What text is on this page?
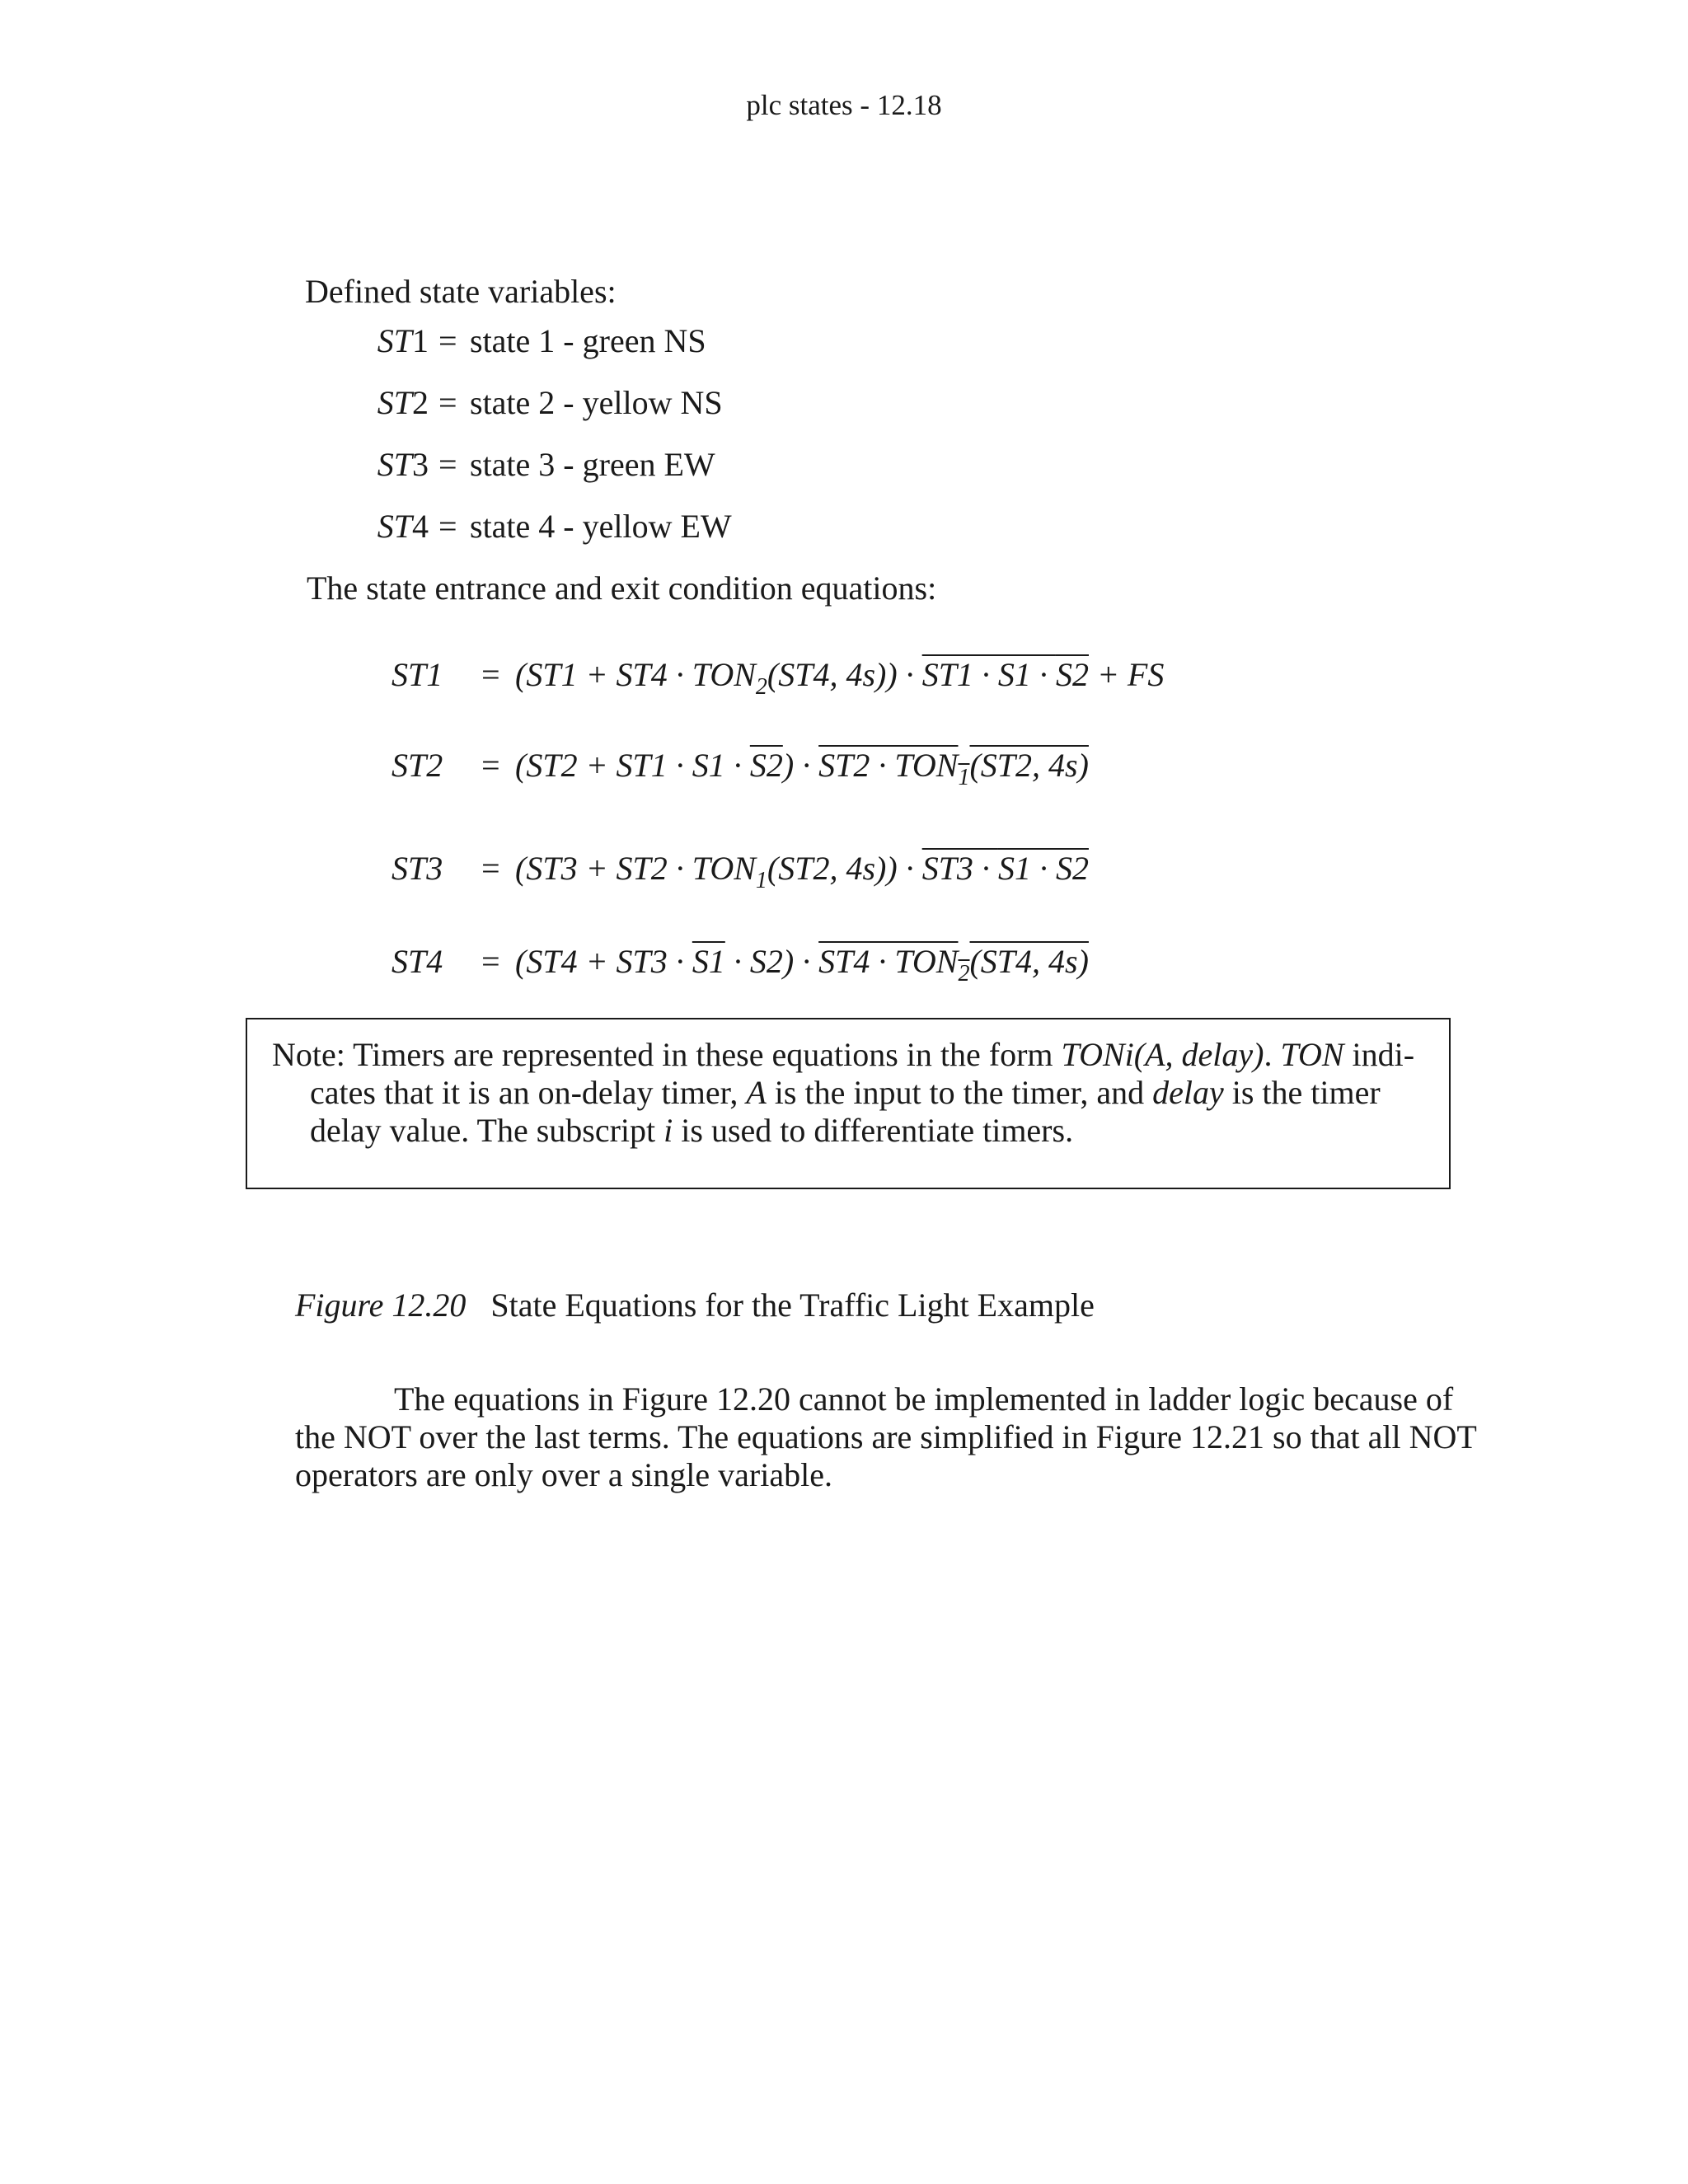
plc states - 12.18
Defined state variables:
ST1 = state 1 - green NS
ST2 = state 2 - yellow NS
ST3 = state 3 - green EW
ST4 = state 4 - yellow EW
The state entrance and exit condition equations:
$ST1 = (ST1 + ST4 \cdot TON_2(ST4$, 4s)) · ST1 · S1 · S2 + FS
$ST2 = (ST2 + ST1 \cdot S1 \cdot S2) \cdot ST2 \cdot TON_1(ST2$, 4s)
$ST3 = (ST3 + ST2 \cdot TON_1(ST2$, 4s)) · ST3 · S1 · S2
$ST4 = (ST4 + ST3 \cdot S1 \cdot S2) \cdot ST4 \cdot TON_2(ST4$, 4s)

Note: Timers are represented in these equations in the form TONi(A, delay). TON indi-

cates that it is an on-delay timer, A is the input to the timer, and delay is the timer

delay value. The subscript i is used to differentiate timers.

Figure 12.20 State Equations for the Traffic Light Example

The equations in Figure 12.20 cannot be implemented in ladder logic because of the NOT over the last terms. The equations are simplified in Figure 12.21 so that all NOT operators are only over a single variable.
